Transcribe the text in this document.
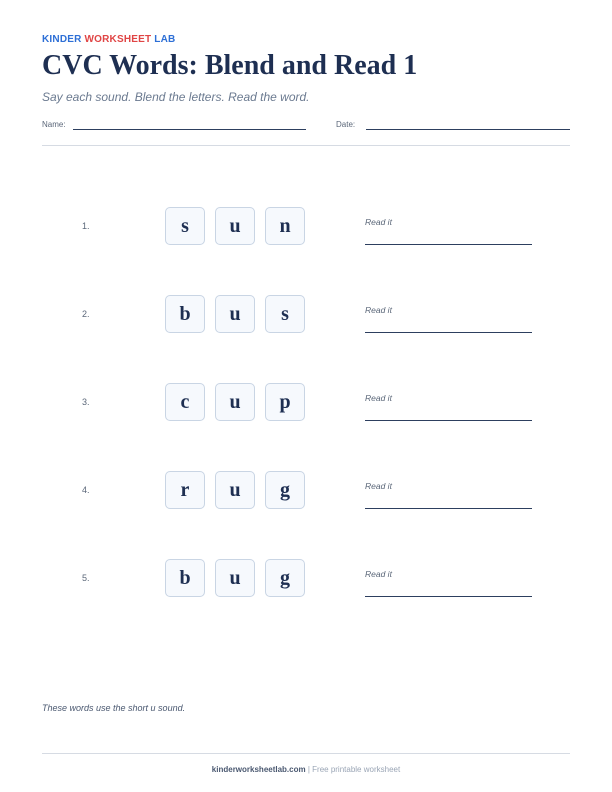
KINDER WORKSHEET LAB
CVC Words: Blend and Read 1
Say each sound. Blend the letters. Read the word.
Name:	Date:
1.	s	u	n	Read it
2.	b	u	s	Read it
3.	c	u	p	Read it
4.	r	u	g	Read it
5.	b	u	g	Read it
These words use the short u sound.
kinderworksheetlab.com | Free printable worksheet
